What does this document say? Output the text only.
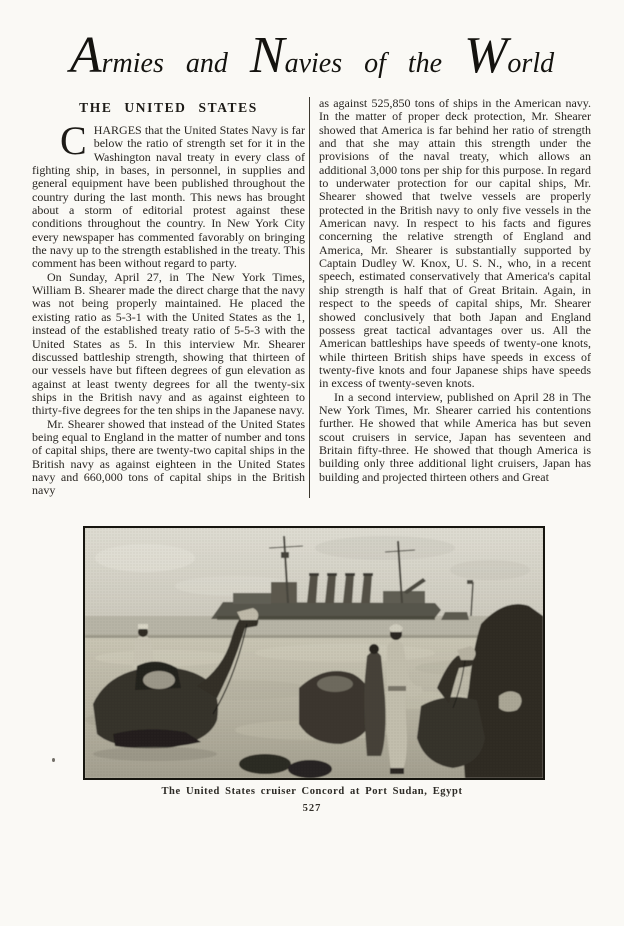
Armies and Navies of the World
THE UNITED STATES

CHARGES that the United States Navy is far below the ratio of strength set for it in the Washington naval treaty in every class of fighting ship, in bases, in personnel, in supplies and general equipment have been published throughout the country during the last month. This news has brought about a storm of editorial protest against these conditions throughout the country. In New York City every newspaper has commented favorably on bringing the navy up to the strength established in the treaty. This comment has been without regard to party.

On Sunday, April 27, in The New York Times, William B. Shearer made the direct charge that the navy was not being properly maintained. He placed the existing ratio as 5-3-1 with the United States as the 1, instead of the established treaty ratio of 5-5-3 with the United States as 5. In this interview Mr. Shearer discussed battleship strength, showing that thirteen of our vessels have but fifteen degrees of gun elevation as against at least twenty degrees for all the twenty-six ships in the British navy and as against eighteen to thirty-five degrees for the ten ships in the Japanese navy.

Mr. Shearer showed that instead of the United States being equal to England in the matter of number and tons of capital ships, there are twenty-two capital ships in the British navy as against eighteen in the United States navy and 660,000 tons of capital ships in the British navy

as against 525,850 tons of ships in the American navy. In the matter of proper deck protection, Mr. Shearer showed that America is far behind her ratio of strength and that she may attain this strength under the provisions of the naval treaty, which allows an additional 3,000 tons per ship for this purpose. In regard to underwater protection for our capital ships, Mr. Shearer showed that twelve vessels are properly protected in the British navy to only five vessels in the American navy. In respect to his facts and figures concerning the relative strength of England and America, Mr. Shearer is substantially supported by Captain Dudley W. Knox, U. S. N., who, in a recent speech, estimated conservatively that America's capital ship strength is half that of Great Britain. Again, in respect to the speeds of capital ships, Mr. Shearer showed conclusively that both Japan and England possess great tactical advantages over us. All the American battleships have speeds of twenty-one knots, while thirteen British ships have speeds in excess of twenty-five knots and four Japanese ships have speeds in excess of twenty-seven knots.

In a second interview, published on April 28 in The New York Times, Mr. Shearer carried his contentions further. He showed that while America has but seven scout cruisers in service, Japan has seventeen and Britain fifty-three. He showed that though America is building only three additional light cruisers, Japan has building and projected thirteen others and Great

The United States cruiser Concord at Port Sudan, Egypt
527
